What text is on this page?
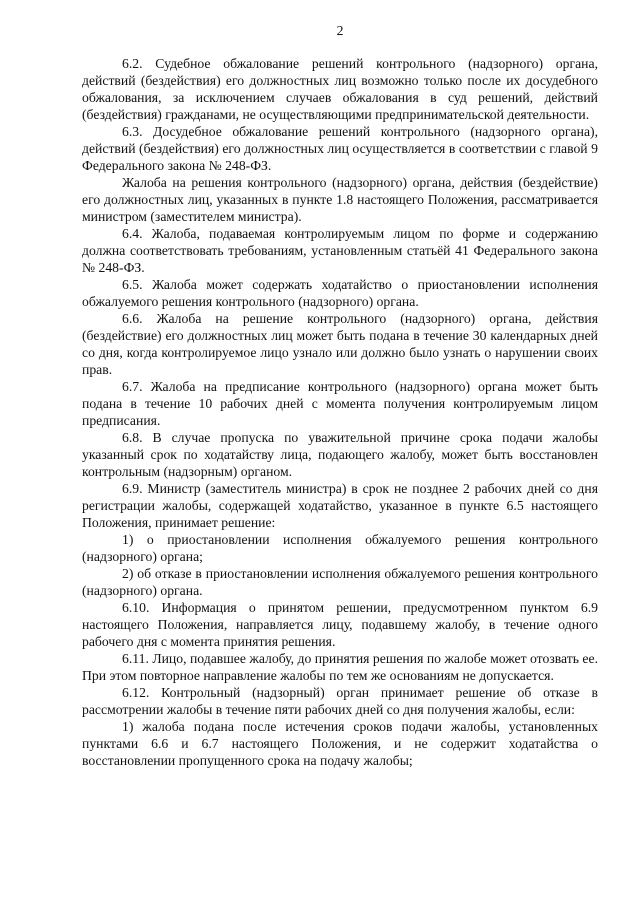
2

6.2. Судебное обжалование решений контрольного (надзорного) органа, действий (бездействия) его должностных лиц возможно только после их досудебного обжалования, за исключением случаев обжалования в суд решений, действий (бездействия) гражданами, не осуществляющими предпринимательской деятельности.

6.3. Досудебное обжалование решений контрольного (надзорного органа), действий (бездействия) его должностных лиц осуществляется в соответствии с главой 9 Федерального закона № 248-ФЗ.

Жалоба на решения контрольного (надзорного) органа, действия (бездействие) его должностных лиц, указанных в пункте 1.8 настоящего Положения, рассматривается министром (заместителем министра).

6.4. Жалоба, подаваемая контролируемым лицом по форме и содержанию должна соответствовать требованиям, установленным статьёй 41 Федерального закона № 248-ФЗ.

6.5. Жалоба может содержать ходатайство о приостановлении исполнения обжалуемого решения контрольного (надзорного) органа.

6.6. Жалоба на решение контрольного (надзорного) органа, действия (бездействие) его должностных лиц может быть подана в течение 30 календарных дней со дня, когда контролируемое лицо узнало или должно было узнать о нарушении своих прав.

6.7. Жалоба на предписание контрольного (надзорного) органа может быть подана в течение 10 рабочих дней с момента получения контролируемым лицом предписания.

6.8. В случае пропуска по уважительной причине срока подачи жалобы указанный срок по ходатайству лица, подающего жалобу, может быть восстановлен контрольным (надзорным) органом.

6.9. Министр (заместитель министра) в срок не позднее 2 рабочих дней со дня регистрации жалобы, содержащей ходатайство, указанное в пункте 6.5 настоящего Положения, принимает решение:

1) о приостановлении исполнения обжалуемого решения контрольного (надзорного) органа;

2) об отказе в приостановлении исполнения обжалуемого решения контрольного (надзорного) органа.

6.10. Информация о принятом решении, предусмотренном пунктом 6.9 настоящего Положения, направляется лицу, подавшему жалобу, в течение одного рабочего дня с момента принятия решения.

6.11. Лицо, подавшее жалобу, до принятия решения по жалобе может отозвать ее. При этом повторное направление жалобы по тем же основаниям не допускается.

6.12. Контрольный (надзорный) орган принимает решение об отказе в рассмотрении жалобы в течение пяти рабочих дней со дня получения жалобы, если:

1) жалоба подана после истечения сроков подачи жалобы, установленных пунктами 6.6 и 6.7 настоящего Положения, и не содержит ходатайства о восстановлении пропущенного срока на подачу жалобы;
